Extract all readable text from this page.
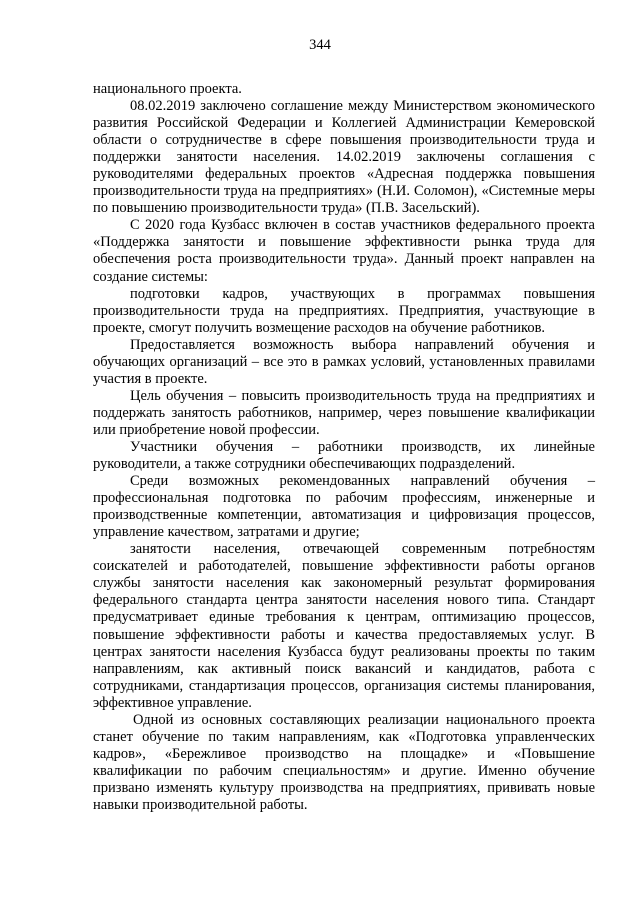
344

национального проекта.

08.02.2019 заключено соглашение между Министерством экономического развития Российской Федерации и Коллегией Администрации Кемеровской области о сотрудничестве в сфере повышения производительности труда и поддержки занятости населения. 14.02.2019 заключены соглашения с руководителями федеральных проектов «Адресная поддержка повышения производительности труда на предприятиях» (Н.И. Соломон), «Системные меры по повышению производительности труда» (П.В. Засельский).

С 2020 года Кузбасс включен в состав участников федерального проекта «Поддержка занятости и повышение эффективности рынка труда для обеспечения роста производительности труда». Данный проект направлен на создание системы:

подготовки кадров, участвующих в программах повышения производительности труда на предприятиях. Предприятия, участвующие в проекте, смогут получить возмещение расходов на обучение работников.

Предоставляется возможность выбора направлений обучения и обучающих организаций – все это в рамках условий, установленных правилами участия в проекте.

Цель обучения – повысить производительность труда на предприятиях и поддержать занятость работников, например, через повышение квалификации или приобретение новой профессии.

Участники обучения – работники производств, их линейные руководители, а также сотрудники обеспечивающих подразделений.

Среди возможных рекомендованных направлений обучения – профессиональная подготовка по рабочим профессиям, инженерные и производственные компетенции, автоматизация и цифровизация процессов, управление качеством, затратами и другие;

занятости населения, отвечающей современным потребностям соискателей и работодателей, повышение эффективности работы органов службы занятости населения как закономерный результат формирования федерального стандарта центра занятости населения нового типа. Стандарт предусматривает единые требования к центрам, оптимизацию процессов, повышение эффективности работы и качества предоставляемых услуг. В центрах занятости населения Кузбасса будут реализованы проекты по таким направлениям, как активный поиск вакансий и кандидатов, работа с сотрудниками, стандартизация процессов, организация системы планирования, эффективное управление.

Одной из основных составляющих реализации национального проекта станет обучение по таким направлениям, как «Подготовка управленческих кадров», «Бережливое производство на площадке» и «Повышение квалификации по рабочим специальностям» и другие. Именно обучение призвано изменять культуру производства на предприятиях, прививать новые навыки производительной работы.
